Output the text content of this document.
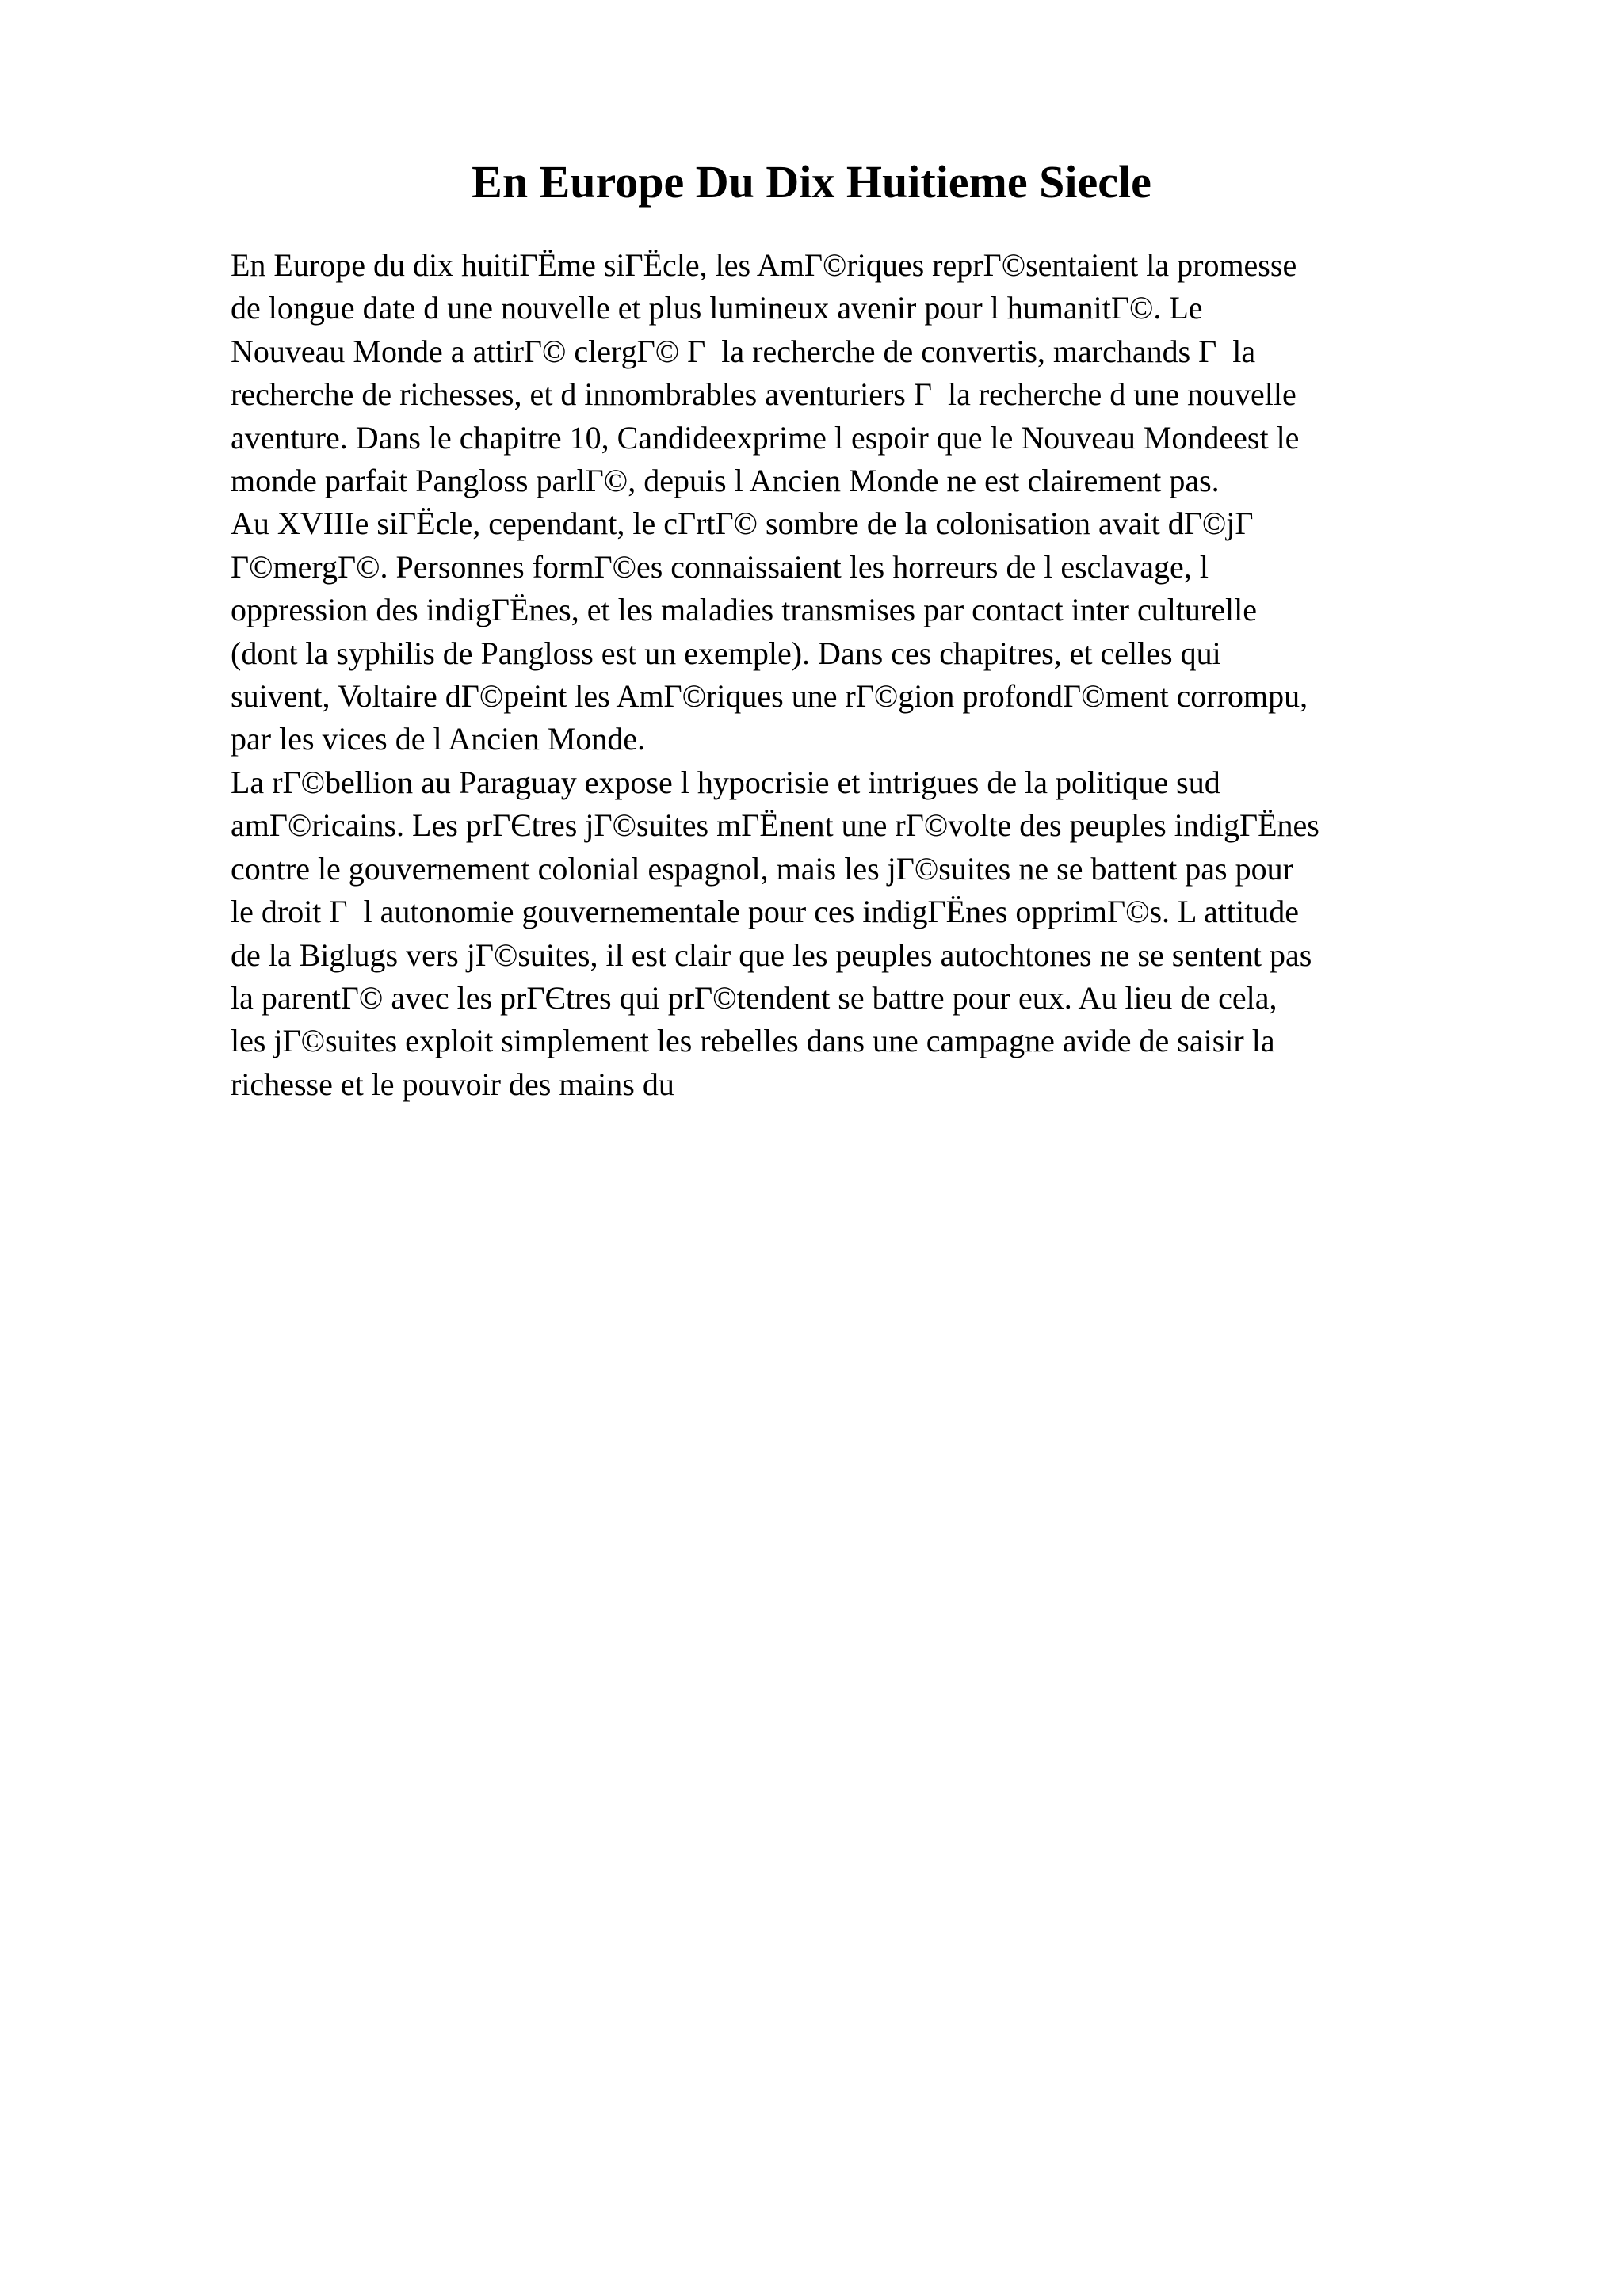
En Europe Du Dix Huitieme Siecle
En Europe du dix huitiΓËme siΓËcle, les AmΓ©riques reprΓ©sentaient la promesse
de longue date d une nouvelle et plus lumineux avenir pour l humanitΓ©. Le
Nouveau Monde a attirΓ© clergΓ© Γ  la recherche de convertis, marchands Γ  la
recherche de richesses, et d innombrables aventuriers Γ  la recherche d une nouvelle
aventure. Dans le chapitre 10, Candideexprime l espoir que le Nouveau Mondeest le
monde parfait Pangloss parlΓ©, depuis l Ancien Monde ne est clairement pas.
Au XVIIIe siΓËcle, cependant, le cΓrtΓ© sombre de la colonisation avait dΓ©jΓ
Γ©mergΓ©. Personnes formΓ©es connaissaient les horreurs de l esclavage, l
oppression des indigΓËnes, et les maladies transmises par contact inter culturelle
(dont la syphilis de Pangloss est un exemple). Dans ces chapitres, et celles qui
suivent, Voltaire dΓ©peint les AmΓ©riques une rΓ©gion profondΓ©ment corrompu,
par les vices de l Ancien Monde.
La rΓ©bellion au Paraguay expose l hypocrisie et intrigues de la politique sud
amΓ©ricains. Les prΓЄtres jΓ©suites mΓËnent une rΓ©volte des peuples indigΓËnes
contre le gouvernement colonial espagnol, mais les jΓ©suites ne se battent pas pour
le droit Γ  l autonomie gouvernementale pour ces indigΓËnes opprimΓ©s. L attitude
de la Biglugs vers jΓ©suites, il est clair que les peuples autochtones ne se sentent pas
la parentΓ© avec les prΓЄtres qui prΓ©tendent se battre pour eux. Au lieu de cela,
les jΓ©suites exploit simplement les rebelles dans une campagne avide de saisir la
richesse et le pouvoir des mains du
